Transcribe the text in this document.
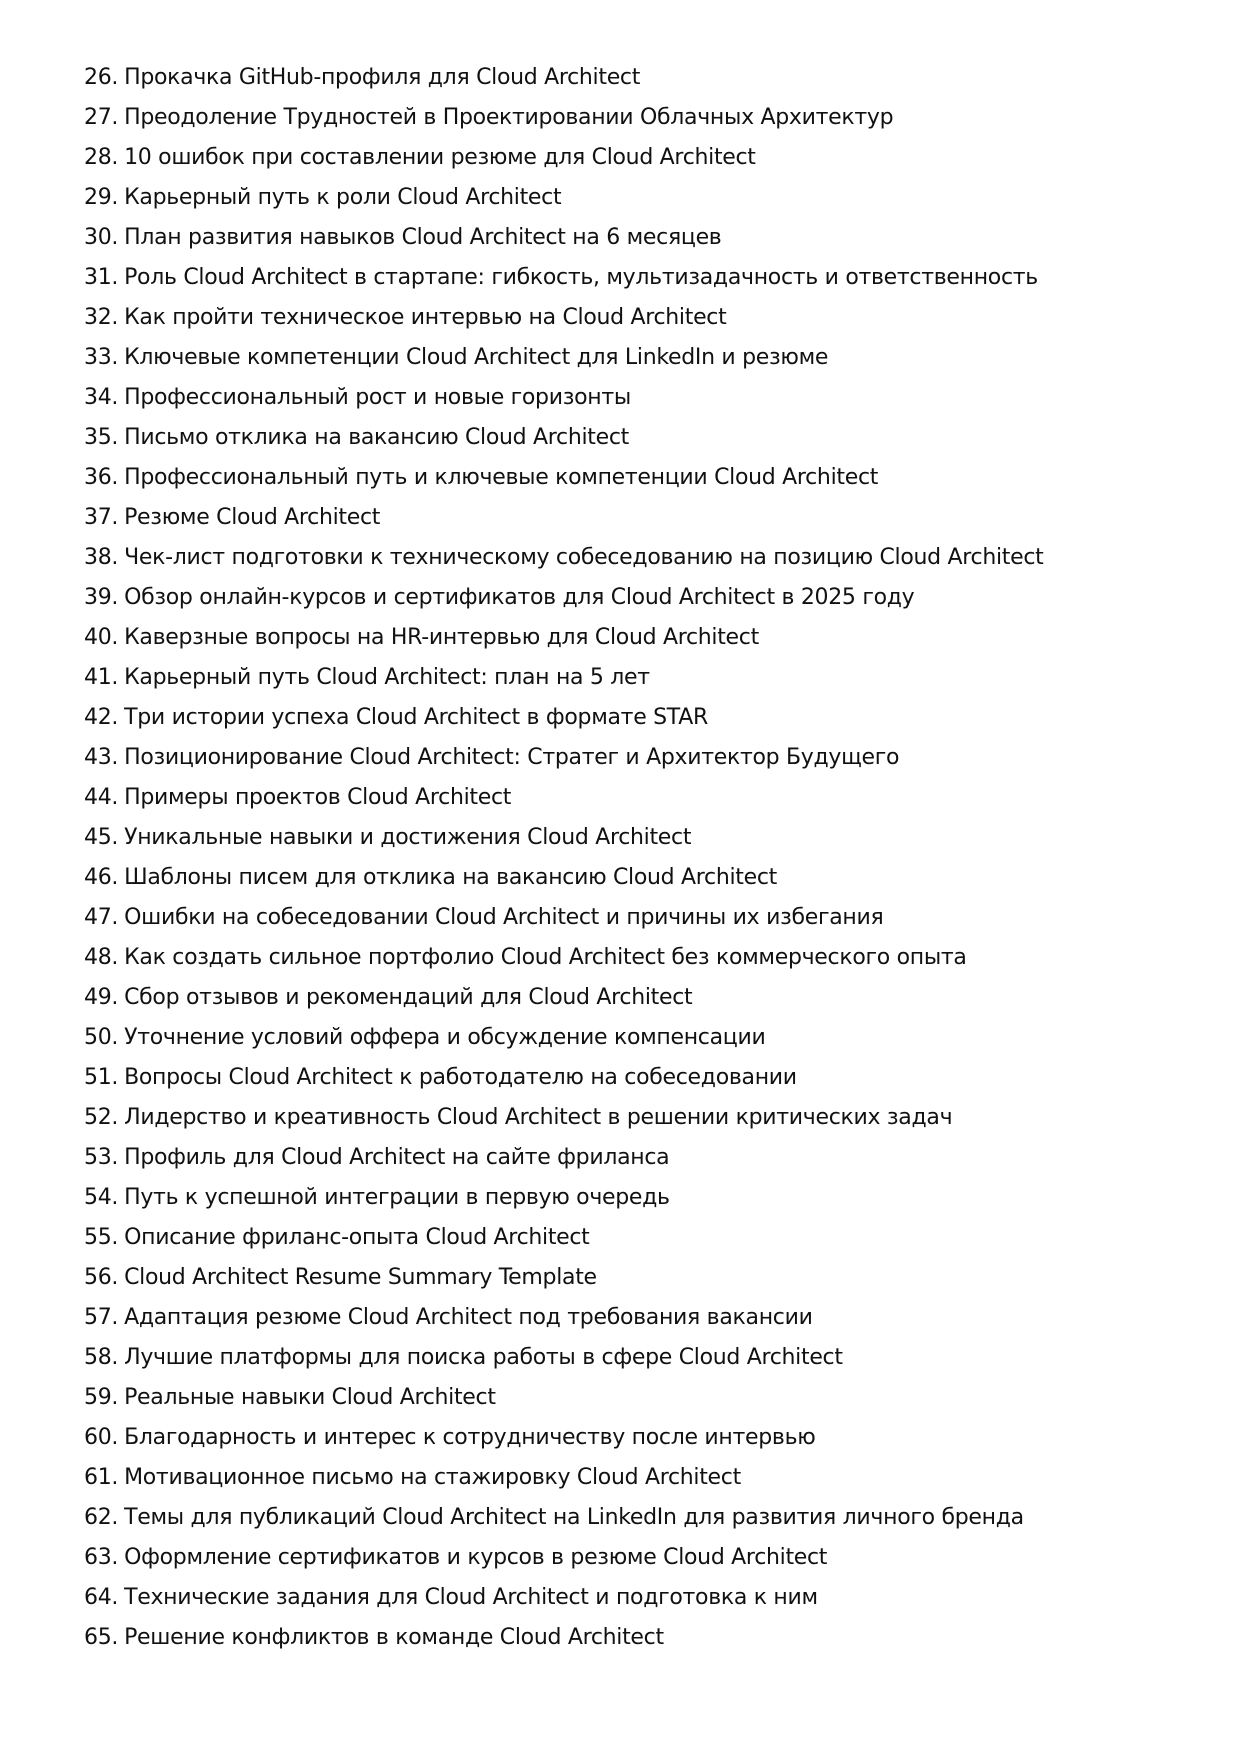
26. Прокачка GitHub-профиля для Cloud Architect
27. Преодоление Трудностей в Проектировании Облачных Архитектур
28. 10 ошибок при составлении резюме для Cloud Architect
29. Карьерный путь к роли Cloud Architect
30. План развития навыков Cloud Architect на 6 месяцев
31. Роль Cloud Architect в стартапе: гибкость, мультизадачность и ответственность
32. Как пройти техническое интервью на Cloud Architect
33. Ключевые компетенции Cloud Architect для LinkedIn и резюме
34. Профессиональный рост и новые горизонты
35. Письмо отклика на вакансию Cloud Architect
36. Профессиональный путь и ключевые компетенции Cloud Architect
37. Резюме Cloud Architect
38. Чек-лист подготовки к техническому собеседованию на позицию Cloud Architect
39. Обзор онлайн-курсов и сертификатов для Cloud Architect в 2025 году
40. Каверзные вопросы на HR-интервью для Cloud Architect
41. Карьерный путь Cloud Architect: план на 5 лет
42. Три истории успеха Cloud Architect в формате STAR
43. Позиционирование Cloud Architect: Стратег и Архитектор Будущего
44. Примеры проектов Cloud Architect
45. Уникальные навыки и достижения Cloud Architect
46. Шаблоны писем для отклика на вакансию Cloud Architect
47. Ошибки на собеседовании Cloud Architect и причины их избегания
48. Как создать сильное портфолио Cloud Architect без коммерческого опыта
49. Сбор отзывов и рекомендаций для Cloud Architect
50. Уточнение условий оффера и обсуждение компенсации
51. Вопросы Cloud Architect к работодателю на собеседовании
52. Лидерство и креативность Cloud Architect в решении критических задач
53. Профиль для Cloud Architect на сайте фриланса
54. Путь к успешной интеграции в первую очередь
55. Описание фриланс-опыта Cloud Architect
56. Cloud Architect Resume Summary Template
57. Адаптация резюме Cloud Architect под требования вакансии
58. Лучшие платформы для поиска работы в сфере Cloud Architect
59. Реальные навыки Cloud Architect
60. Благодарность и интерес к сотрудничеству после интервью
61. Мотивационное письмо на стажировку Cloud Architect
62. Темы для публикаций Cloud Architect на LinkedIn для развития личного бренда
63. Оформление сертификатов и курсов в резюме Cloud Architect
64. Технические задания для Cloud Architect и подготовка к ним
65. Решение конфликтов в команде Cloud Architect
